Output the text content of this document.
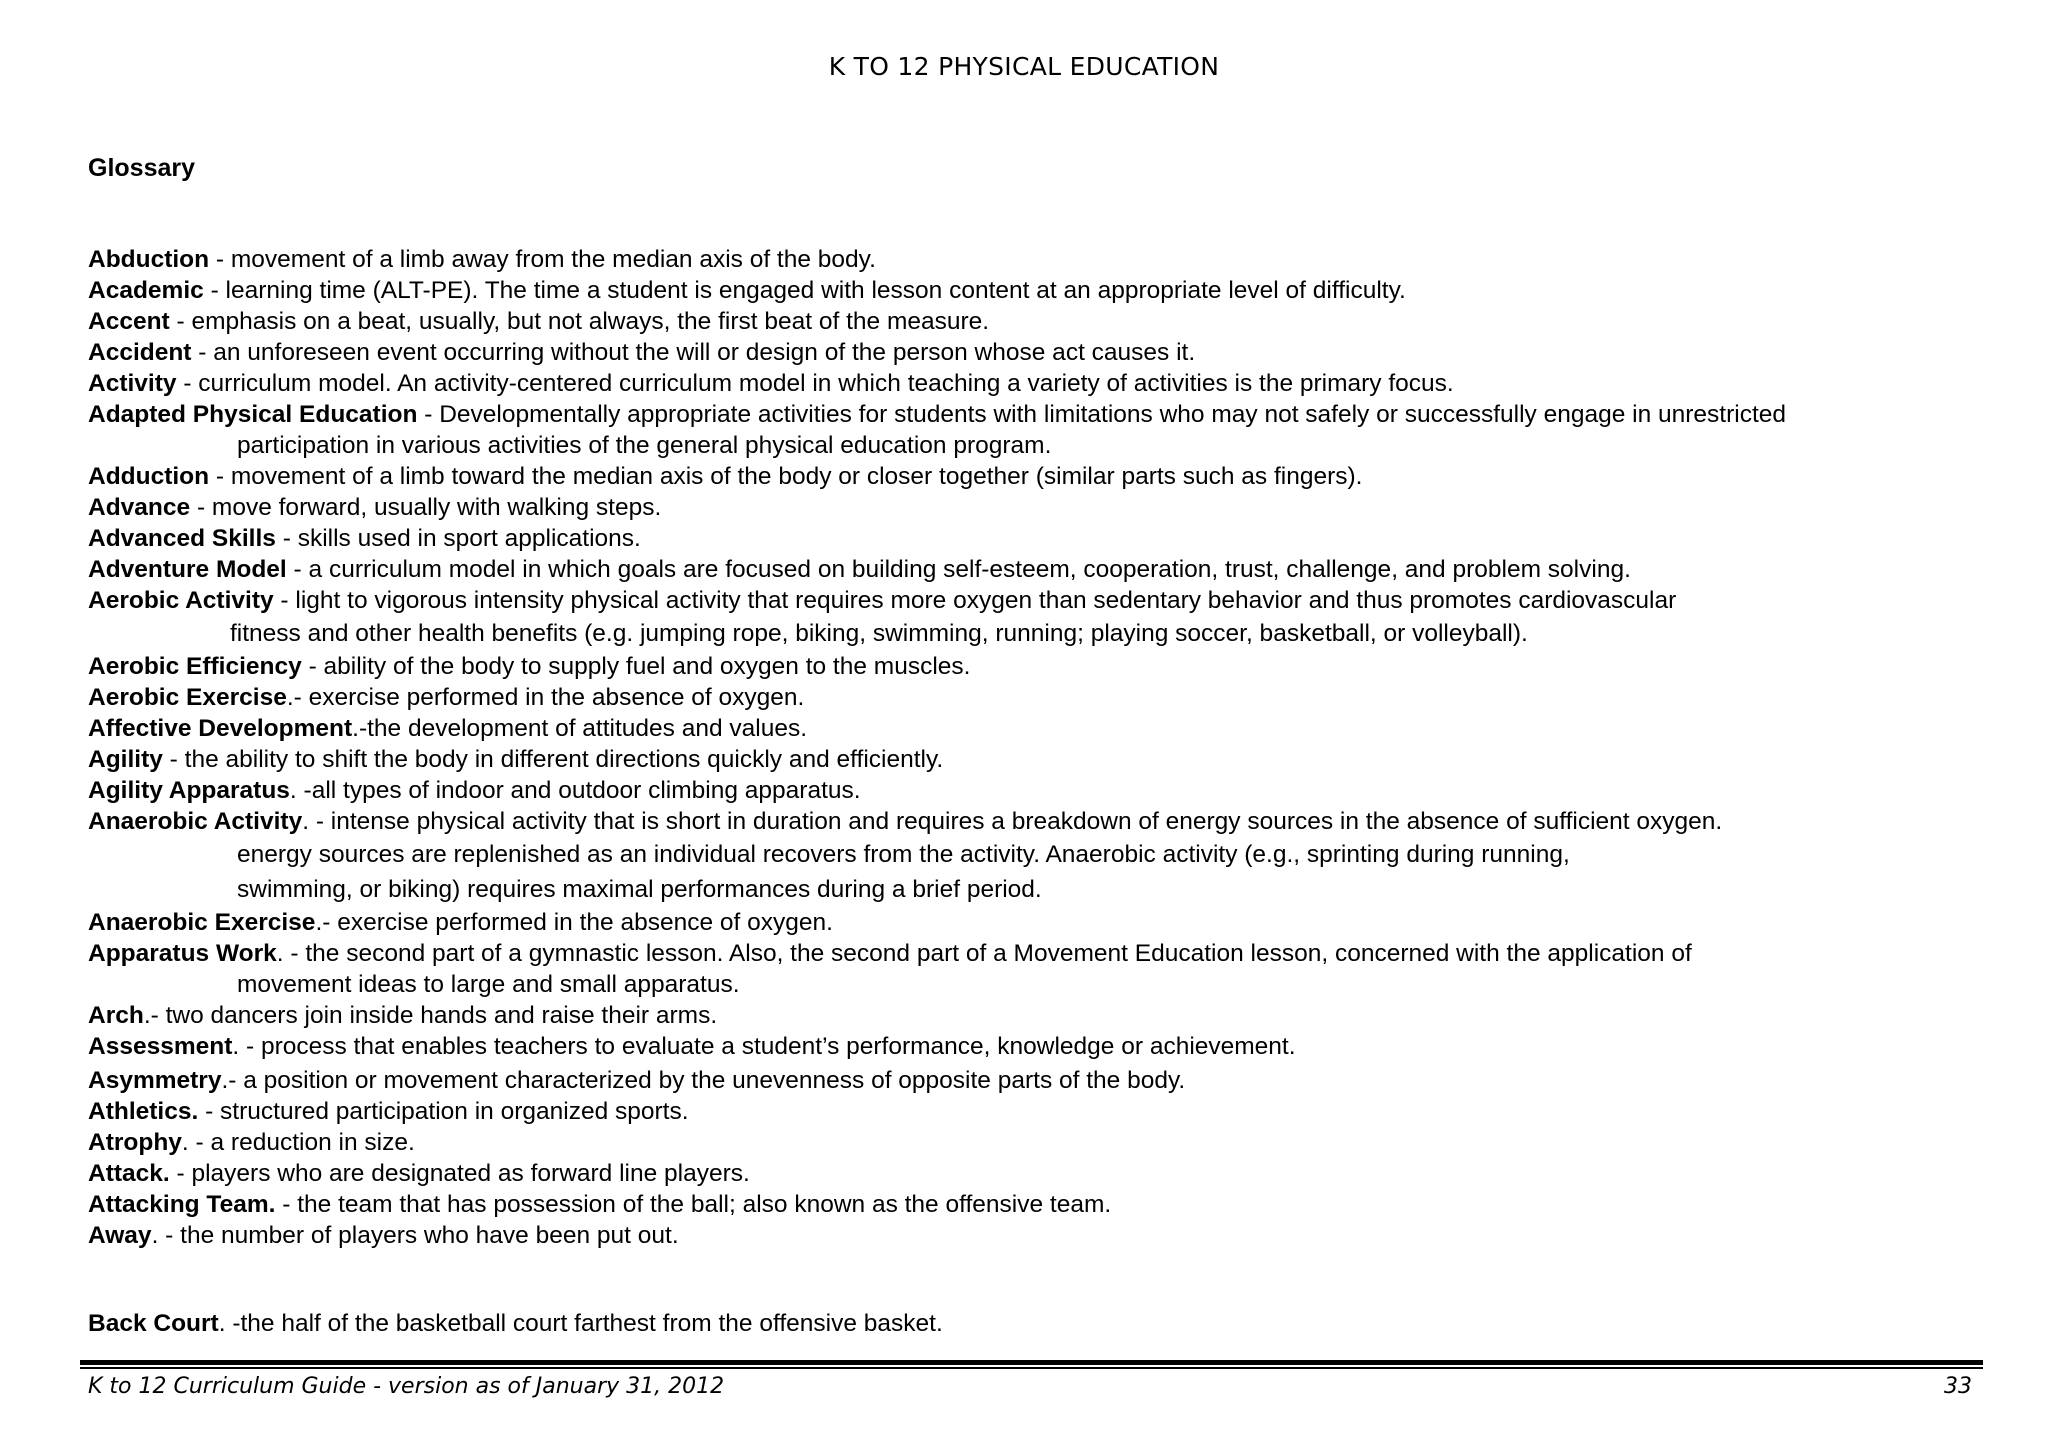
K TO 12 PHYSICAL EDUCATION
Glossary

Abduction - movement of a limb away from the median axis of the body.

Academic - learning time (ALT-PE). The time a student is engaged with lesson content at an appropriate level of difficulty.

Accent - emphasis on a beat, usually, but not always, the first beat of the measure.

Accident - an unforeseen event occurring without the will or design of the person whose act causes it.

Activity - curriculum model. An activity-centered curriculum model in which teaching a variety of activities is the primary focus.

Adapted Physical Education - Developmentally appropriate activities for students with limitations who may not safely or successfully engage in unrestricted

participation in various activities of the general physical education program.

Adduction - movement of a limb toward the median axis of the body or closer together (similar parts such as fingers).

Advance - move forward, usually with walking steps.

Advanced Skills - skills used in sport applications.

Adventure Model - a curriculum model in which goals are focused on building self-esteem, cooperation, trust, challenge, and problem solving.

Aerobic Activity - light to vigorous intensity physical activity that requires more oxygen than sedentary behavior and thus promotes cardiovascular

fitness and other health benefits (e.g. jumping rope, biking, swimming, running; playing soccer, basketball, or volleyball).

Aerobic Efficiency - ability of the body to supply fuel and oxygen to the muscles.

Aerobic Exercise.- exercise performed in the absence of oxygen.

Affective Development.-the development of attitudes and values.

Agility - the ability to shift the body in different directions quickly and efficiently.

Agility Apparatus. -all types of indoor and outdoor climbing apparatus.

Anaerobic Activity. - intense physical activity that is short in duration and requires a breakdown of energy sources in the absence of sufficient oxygen.

energy sources are replenished as an individual recovers from the activity. Anaerobic activity (e.g., sprinting during running,

swimming, or biking) requires maximal performances during a brief period.

Anaerobic Exercise.- exercise performed in the absence of oxygen.

Apparatus Work. - the second part of a gymnastic lesson. Also, the second part of a Movement Education lesson, concerned with the application of

movement ideas to large and small apparatus.

Arch.- two dancers join inside hands and raise their arms.

Assessment. - process that enables teachers to evaluate a student’s performance, knowledge or achievement.

Asymmetry.- a position or movement characterized by the unevenness of opposite parts of the body.

Athletics. - structured participation in organized sports.

Atrophy. - a reduction in size.

Attack. - players who are designated as forward line players.

Attacking Team. - the team that has possession of the ball; also known as the offensive team.

Away. - the number of players who have been put out.

Back Court. -the half of the basketball court farthest from the offensive basket.

K to 12 Curriculum Guide - version as of January 31, 2012	33
